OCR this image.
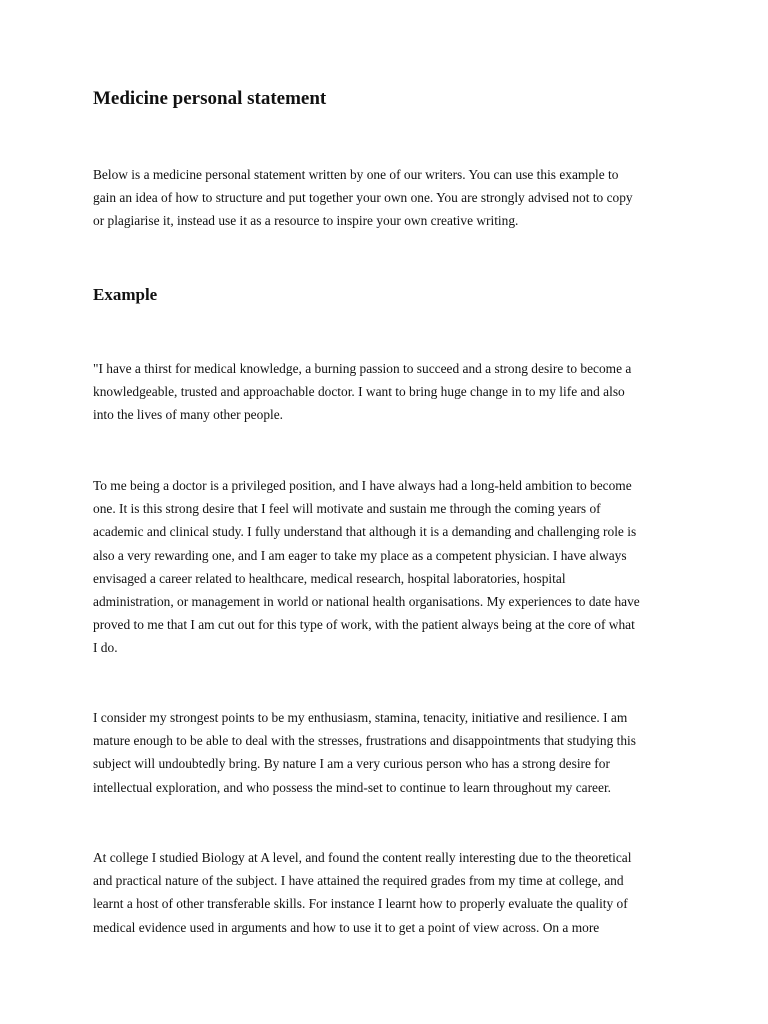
Medicine personal statement

Below is a medicine personal statement written by one of our writers. You can use this example to
gain an idea of how to structure and put together your own one. You are strongly advised not to copy
or plagiarise it, instead use it as a resource to inspire your own creative writing.

Example

"I have a thirst for medical knowledge, a burning passion to succeed and a strong desire to become a
knowledgeable, trusted and approachable doctor. I want to bring huge change in to my life and also
into the lives of many other people.

To me being a doctor is a privileged position, and I have always had a long-held ambition to become
one. It is this strong desire that I feel will motivate and sustain me through the coming years of
academic and clinical study. I fully understand that although it is a demanding and challenging role is
also a very rewarding one, and I am eager to take my place as a competent physician. I have always
envisaged a career related to healthcare, medical research, hospital laboratories, hospital
administration, or management in world or national health organisations. My experiences to date have
proved to me that I am cut out for this type of work, with the patient always being at the core of what
I do.

I consider my strongest points to be my enthusiasm, stamina, tenacity, initiative and resilience. I am
mature enough to be able to deal with the stresses, frustrations and disappointments that studying this
subject will undoubtedly bring. By nature I am a very curious person who has a strong desire for
intellectual exploration, and who possess the mind-set to continue to learn throughout my career.

At college I studied Biology at A level, and found the content really interesting due to the theoretical
and practical nature of the subject. I have attained the required grades from my time at college, and
learnt a host of other transferable skills. For instance I learnt how to properly evaluate the quality of
medical evidence used in arguments and how to use it to get a point of view across. On a more
